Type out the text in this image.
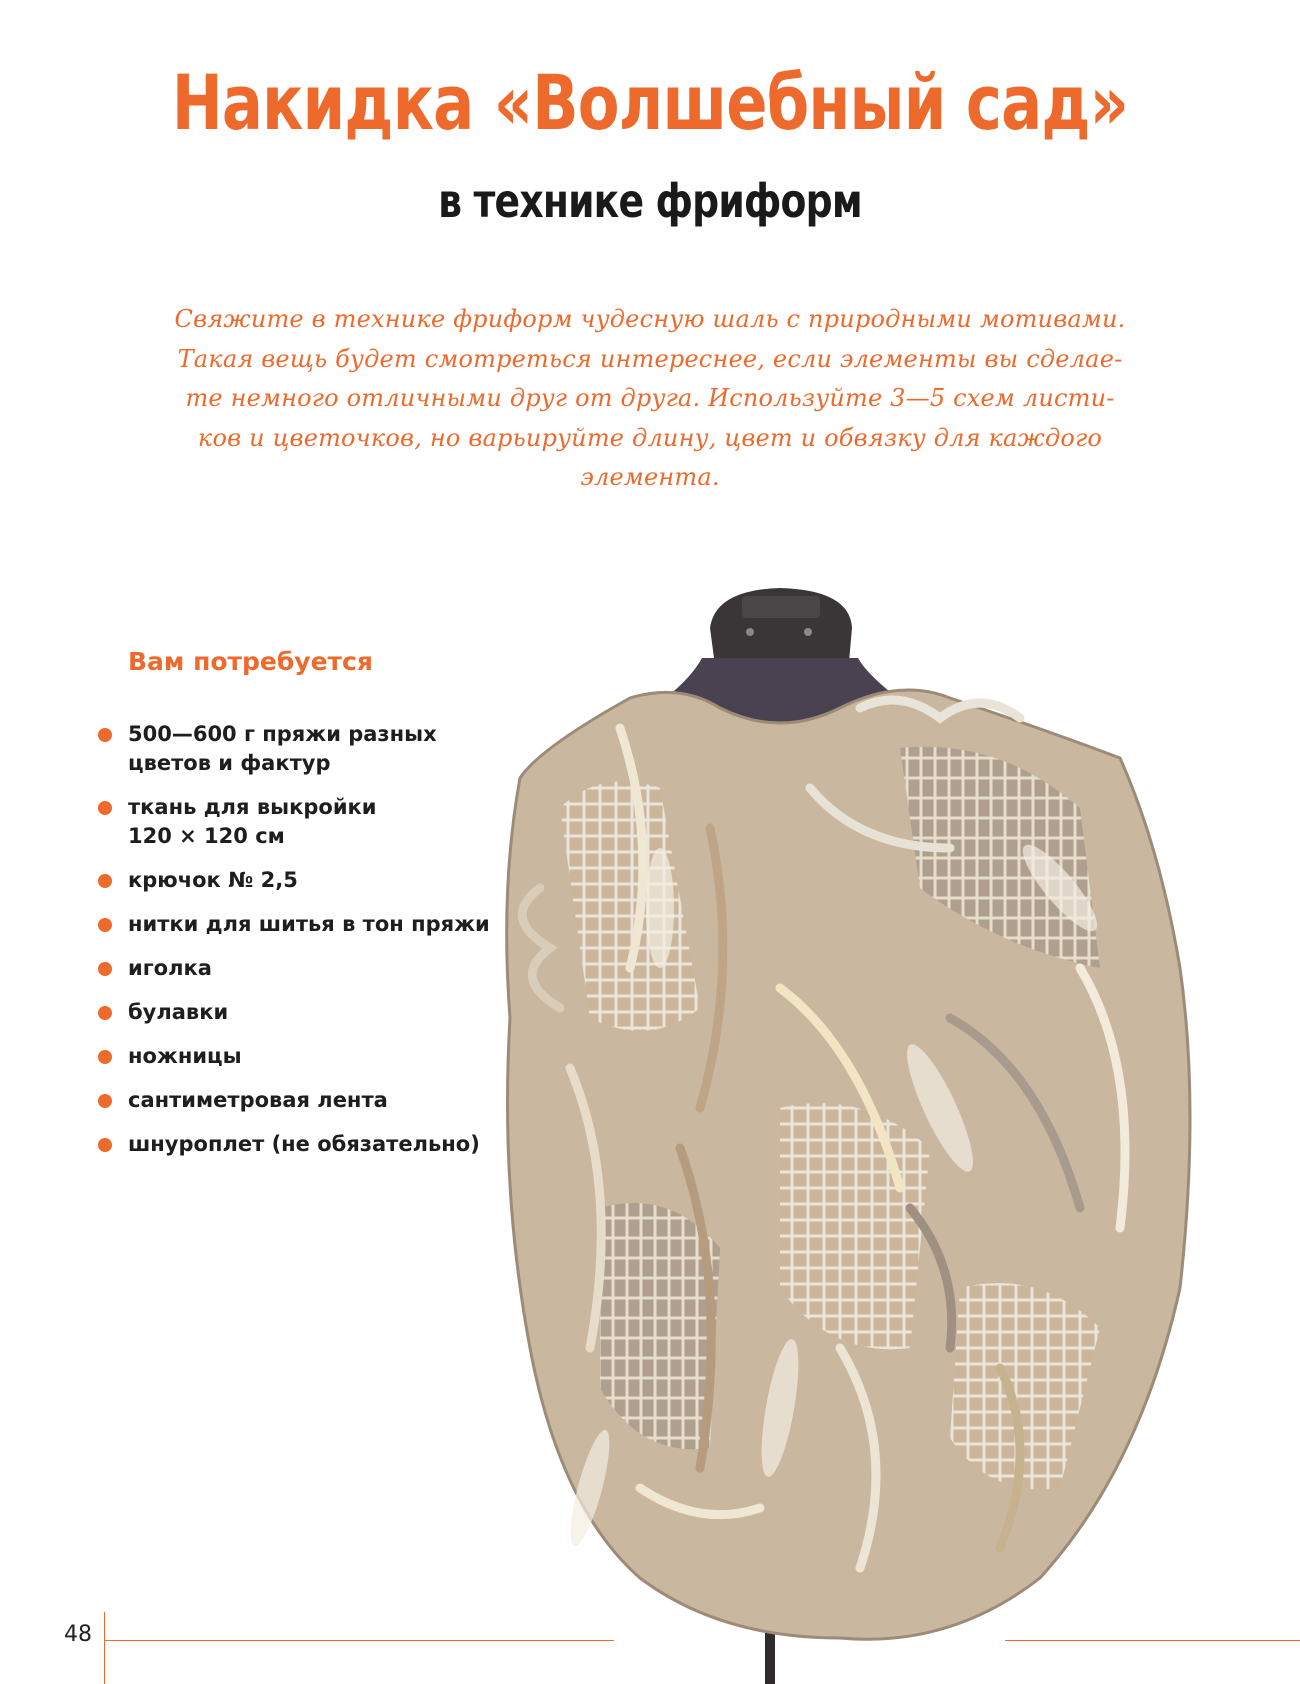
Накидка «Волшебный сад»
в технике фриформ
Свяжите в технике фриформ чудесную шаль с природными мотивами.
Такая вещь будет смотреться интереснее, если элементы вы сделае-
те немного отличными друг от друга. Используйте 3—5 схем листи-
ков и цветочков, но варьируйте длину, цвет и обвязку для каждого
элемента.
Вам потребуется
500—600 г пряжи разных
цветов и фактур
ткань для выкройки
120 × 120 см
крючок № 2,5
нитки для шитья в тон пряжи
иголка
булавки
ножницы
сантиметровая лента
шнуроплет (не обязательно)
48
